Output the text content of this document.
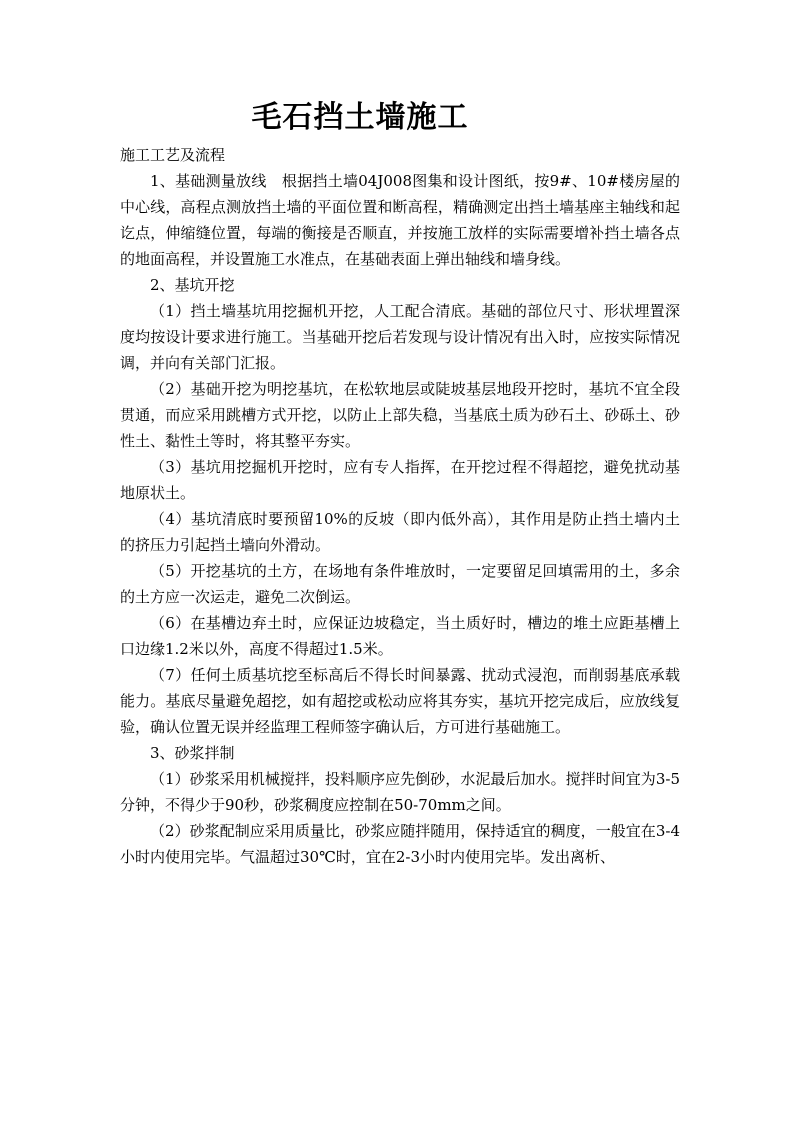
毛石挡土墙施工

施工工艺及流程

1、基础测量放线　根据挡土墙04J008图集和设计图纸，按9#、10#楼房屋的中心线，高程点测放挡土墙的平面位置和断高程，精确测定出挡土墙基座主轴线和起讫点，伸缩缝位置，每端的衡接是否顺直，并按施工放样的实际需要增补挡土墙各点的地面高程，并设置施工水准点，在基础表面上弹出轴线和墙身线。

2、基坑开挖

（1）挡土墙基坑用挖掘机开挖，人工配合清底。基础的部位尺寸、形状埋置深度均按设计要求进行施工。当基础开挖后若发现与设计情况有出入时，应按实际情况调，并向有关部门汇报。

（2）基础开挖为明挖基坑，在松软地层或陡坡基层地段开挖时，基坑不宜全段贯通，而应采用跳槽方式开挖，以防止上部失稳，当基底土质为砂石土、砂砾土、砂性土、黏性土等时，将其整平夯实。

（3）基坑用挖掘机开挖时，应有专人指挥，在开挖过程不得超挖，避免扰动基地原状土。

（4）基坑清底时要预留10%的反坡（即内低外高），其作用是防止挡土墙内土的挤压力引起挡土墙向外滑动。

（5）开挖基坑的土方，在场地有条件堆放时，一定要留足回填需用的土，多余的土方应一次运走，避免二次倒运。

（6）在基槽边弃土时，应保证边坡稳定，当土质好时，槽边的堆土应距基槽上口边缘1.2米以外，高度不得超过1.5米。

（7）任何土质基坑挖至标高后不得长时间暴露、扰动式浸泡，而削弱基底承载能力。基底尽量避免超挖，如有超挖或松动应将其夯实，基坑开挖完成后，应放线复验，确认位置无误并经监理工程师签字确认后，方可进行基础施工。

3、砂浆拌制

（1）砂浆采用机械搅拌，投料顺序应先倒砂，水泥最后加水。搅拌时间宜为3-5分钟，不得少于90秒，砂浆稠度应控制在50-70mm之间。

（2）砂浆配制应采用质量比，砂浆应随拌随用，保持适宜的稠度，一般宜在3-4小时内使用完毕。气温超过30℃时，宜在2-3小时内使用完毕。发出离析、
